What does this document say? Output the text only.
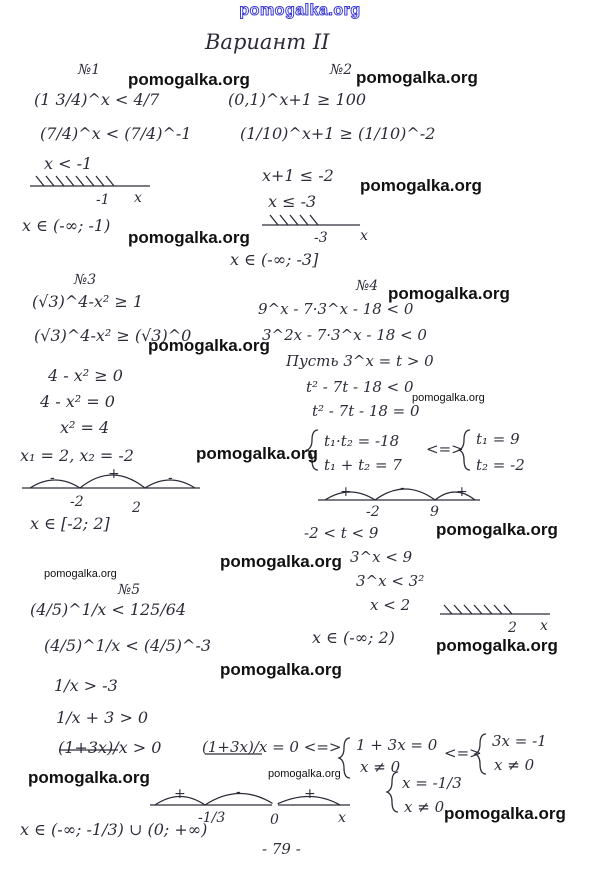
pomogalka.org
Вариант II
№1
(1 3/4)^x < 4/7
(7/4)^x < (7/4)^-1
x < -1
-1 x
x ∈ (-∞; -1)
№2
(0,1)^x+1 ≥ 100
(1/10)^x+1 ≥ (1/10)^-2
x+1 ≤ -2
x ≤ -3
-3 x
x ∈ (-∞; -3]
№3
(√3)^4-x² ≥ 1
(√3)^4-x² ≥ (√3)^0
4 - x² ≥ 0
4 - x² = 0
x² = 4
x₁ = 2, x₂ = -2
-	+	-
-2	2
x ∈ [-2; 2]
№4
9^x - 7·3^x - 18 < 0
3^2x - 7·3^x - 18 < 0
Пусть 3^x = t > 0
t² - 7t - 18 < 0
t² - 7t - 18 = 0
t₁·t₂ = -18
t₁ + t₂ = 7
<=>
t₁ = 9
t₂ = -2
+	-	+
-2	9
-2 < t < 9
3^x < 9
3^x < 3²
x < 2
2 x
x ∈ (-∞; 2)
№5
(4/5)^1/x < 125/64
(4/5)^1/x < (4/5)^-3
1/x > -3
1/x + 3 > 0
(1+3x)/x > 0	(1+3x)/x = 0 <=> 1 + 3x = 0
x ≠ 0
<=>
3x = -1
x ≠ 0
x = -1/3
x ≠ 0
+	-	+
-1/3	0	x
x ∈ (-∞; -1/3) ∪ (0; +∞)
- 79 -
pomogalka.org	pomogalka.org
pomogalka.org
pomogalka.org
pomogalka.org
pomogalka.org
pomogalka.org
pomogalka.org
pomogalka.org
pomogalka.org
pomogalka.org
pomogalka.org
pomogalka.org
pomogalka.org	pomogalka.org
pomogalka.org
